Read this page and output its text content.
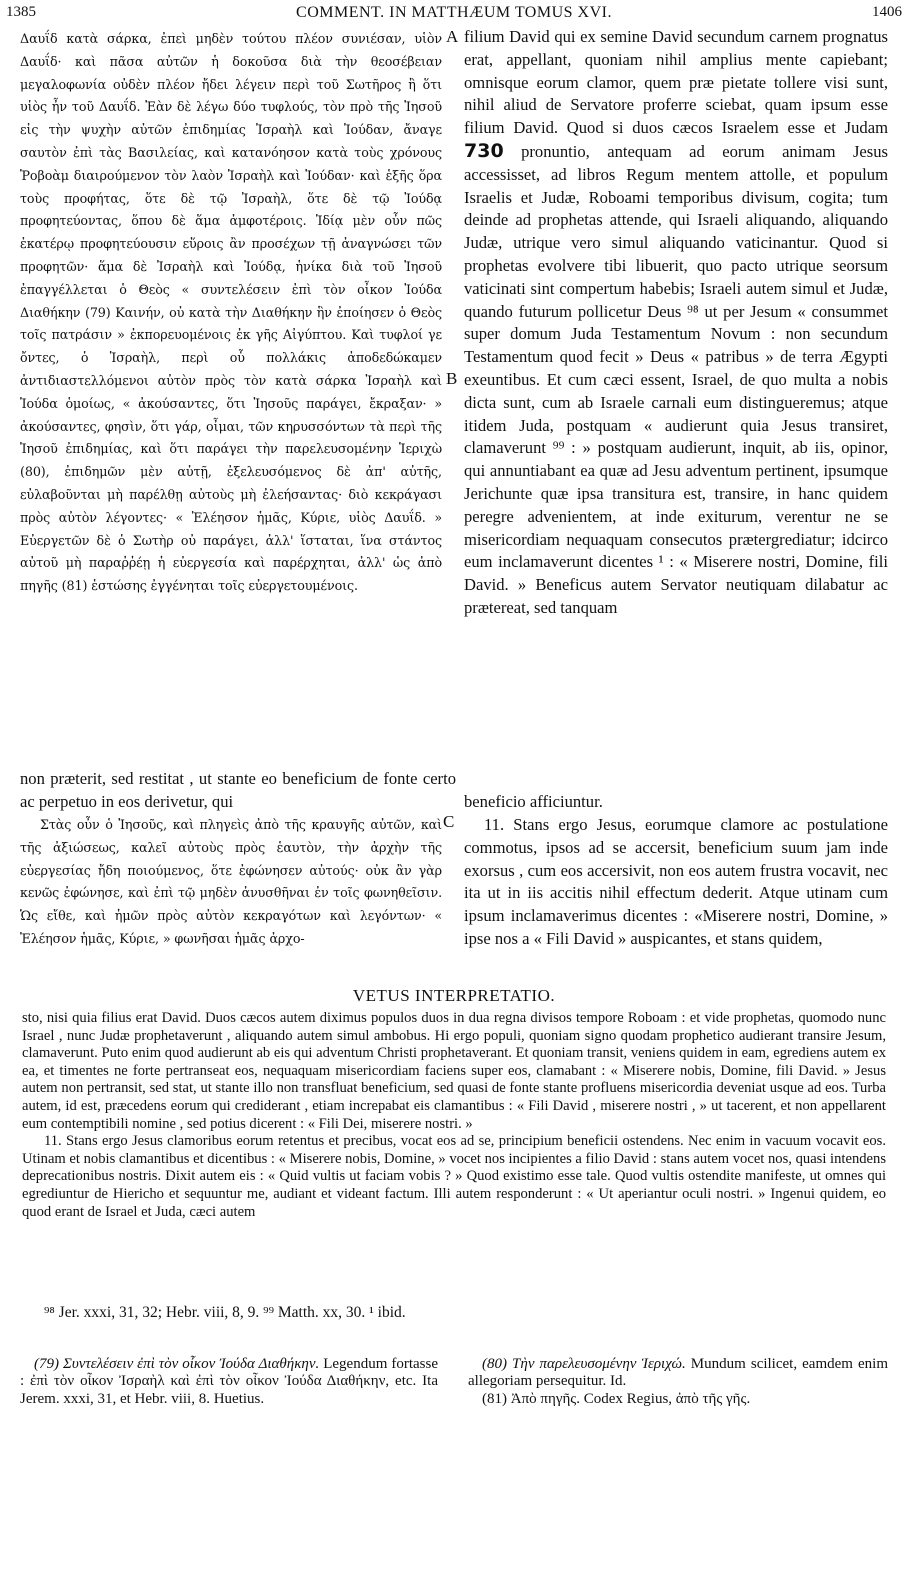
1385	COMMENT. IN MATTHÆUM TOMUS XVI.	1406

Δαυΐδ κατὰ σάρκα, ἐπεὶ μηδὲν τούτου πλέον συνιέσαν, υἱὸν Δαυΐδ· καὶ πᾶσα αὐτῶν ἡ δοκοῦσα διὰ τὴν θεοσέβειαν μεγαλοφωνία οὐδὲν πλέον ἤδει λέγειν περὶ τοῦ Σωτῆρος ἢ ὅτι υἱὸς ἦν τοῦ Δαυΐδ. Ἐὰν δὲ λέγω δύο τυφλούς, τὸν πρὸ τῆς Ἰησοῦ εἰς τὴν ψυχὴν αὐτῶν ἐπιδημίας Ἰσραὴλ καὶ Ἰούδαν, ἄναγε σαυτὸν ἐπὶ τὰς Βασιλείας, καὶ κατανόησον κατὰ τοὺς χρόνους Ῥοβοὰμ διαιρούμενον τὸν λαὸν Ἰσραὴλ καὶ Ἰούδαν· καὶ ἑξῆς ὅρα τοὺς προφήτας, ὅτε δὲ τῷ Ἰσραὴλ, ὅτε δὲ τῷ Ἰούδᾳ προφητεύοντας, ὅπου δὲ ἅμα ἀμφοτέροις. Ἰδίᾳ μὲν οὖν πῶς ἑκατέρῳ προφητεύουσιν εὕροις ἂν προσέχων τῇ ἀναγνώσει τῶν προφητῶν· ἅμα δὲ Ἰσραὴλ καὶ Ἰούδᾳ, ἡνίκα διὰ τοῦ Ἰησοῦ ἐπαγγέλλεται ὁ Θεὸς « συντελέσειν ἐπὶ τὸν οἶκον Ἰούδα Διαθήκην (79) Καινήν, οὐ κατὰ τὴν Διαθήκην ἣν ἐποίησεν ὁ Θεὸς τοῖς πατράσιν » ἐκπορευομένοις ἐκ γῆς Αἰγύπτου. Καὶ τυφλοί γε ὄντες, ὁ Ἰσραὴλ, περὶ οὗ πολλάκις ἀποδεδώκαμεν ἀντιδιαστελλόμενοι αὐτὸν πρὸς τὸν κατὰ σάρκα Ἰσραὴλ καὶ Ἰούδα ὁμοίως, « ἀκούσαντες, ὅτι Ἰησοῦς παράγει, ἔκραξαν· » ἀκούσαντες, φησὶν, ὅτι γάρ, οἶμαι, τῶν κηρυσσόντων τὰ περὶ τῆς Ἰησοῦ ἐπιδημίας, καὶ ὅτι παράγει τὴν παρελευσομένην Ἱεριχὼ (80), ἐπιδημῶν μὲν αὐτῇ, ἐξελευσόμενος δὲ ἀπ' αὐτῆς, εὐλαβοῦνται μὴ παρέλθῃ αὐτοὺς μὴ ἐλεήσαντας· διὸ κεκράγασι πρὸς αὐτὸν λέγοντες· « Ἐλέησον ἡμᾶς, Κύριε, υἱὸς Δαυΐδ. » Εὐεργετῶν δὲ ὁ Σωτὴρ οὐ παράγει, ἀλλ' ἵσταται, ἵνα στάντος αὐτοῦ μὴ παραῤῥέῃ ἡ εὐεργεσία καὶ παρέρχηται, ἀλλ' ὡς ἀπὸ πηγῆς (81) ἑστώσης ἐγγένηται τοῖς εὐεργετουμένοις.

filium David qui ex semine David secundum carnem prognatus erat, appellant, quoniam nihil amplius mente capiebant; omnisque eorum clamor, quem præ pietate tollere visi sunt, nihil aliud de Servatore proferre sciebat, quam ipsum esse filium David. Quod si duos cæcos Israelem esse et Judam 730 pronuntio, antequam ad eorum animam Jesus accessisset, ad libros Regum mentem attolle, et populum Israelis et Judæ, Roboami temporibus divisum, cogita; tum deinde ad prophetas attende, qui Israeli aliquando, aliquando Judæ, utrique vero simul aliquando vaticinantur. Quod si prophetas evolvere tibi libuerit, quo pacto utrique seorsum vaticinati sint compertum habebis; Israeli autem simul et Judæ, quando futurum pollicetur Deus ⁹⁸ ut per Jesum « consummet super domum Juda Testamentum Novum : non secundum Testamentum quod fecit » Deus « patribus » de terra Ægypti exeuntibus. Et cum cæci essent, Israel, de quo multa a nobis dicta sunt, cum ab Israele carnali eum distingueremus; atque itidem Juda, postquam « audierunt quia Jesus transiret, clamaverunt ⁹⁹ : » postquam audierunt, inquit, ab iis, opinor, qui annuntiabant ea quæ ad Jesu adventum pertinent, ipsumque Jerichunte quæ ipsa transitura est, transire, in hanc quidem peregre advenientem, at inde exiturum, verentur ne se misericordiam nequaquam consecutos prætergrediatur; idcirco eum inclamaverunt dicentes ¹ : « Miserere nostri, Domine, fili David. » Beneficus autem Servator neutiquam dilabatur ac prætereat, sed tanquam

A
B
C

non præterit, sed restitat , ut stante eo beneficium de fonte certo ac perpetuo in eos derivetur, qui	beneficio afficiuntur.

Στὰς οὖν ὁ Ἰησοῦς, καὶ πληγεὶς ἀπὸ τῆς κραυγῆς αὐτῶν, καὶ τῆς ἀξιώσεως, καλεῖ αὐτοὺς πρὸς ἑαυτὸν, τὴν ἀρχὴν τῆς εὐεργεσίας ἤδη ποιούμενος, ὅτε ἐφώνησεν αὐτούς· οὐκ ἂν γὰρ κενῶς ἐφώνησε, καὶ ἐπὶ τῷ μηδὲν ἀνυσθῆναι ἐν τοῖς φωνηθεῖσιν. Ὡς εἴθε, καὶ ἡμῶν πρὸς αὐτὸν κεκραγότων καὶ λεγόντων· « Ἐλέησον ἡμᾶς, Κύριε, » φωνῆσαι ἡμᾶς ἀρχο-

11. Stans ergo Jesus, eorumque clamore ac postulatione commotus, ipsos ad se accersit, beneficium suum jam inde exorsus , cum eos accersivit, non eos autem frustra vocavit, nec ita ut in iis accitis nihil effectum dederit. Atque utinam cum ipsum inclamaverimus dicentes : «Miserere nostri, Domine, » ipse nos a « Fili David » auspicantes, et stans quidem,

VETUS INTERPRETATIO.

sto, nisi quia filius erat David. Duos cæcos autem diximus populos duos in dua regna divisos tempore Roboam : et vide prophetas, quomodo nunc Israel , nunc Judæ prophetaverunt , aliquando autem simul ambobus. Hi ergo populi, quoniam signo quodam prophetico audierant transire Jesum, clamaverunt. Puto enim quod audierunt ab eis qui adventum Christi prophetaverant. Et quoniam transit, veniens quidem in eam, egrediens autem ex ea, et timentes ne forte pertranseat eos, nequaquam misericordiam faciens super eos, clamabant : « Miserere nobis, Domine, fili David. » Jesus autem non pertransit, sed stat, ut stante illo non transfluat beneficium, sed quasi de fonte stante profluens misericordia deveniat usque ad eos. Turba autem, id est, præcedens eorum qui crediderant , etiam increpabat eis clamantibus : « Fili David , miserere nostri , » ut tacerent, et non appellarent eum contemptibili nomine , sed potius dicerent : « Fili Dei, miserere nostri. »

11. Stans ergo Jesus clamoribus eorum retentus et precibus, vocat eos ad se, principium beneficii ostendens. Nec enim in vacuum vocavit eos. Utinam et nobis clamantibus et dicentibus : « Miserere nobis, Domine, » vocet nos incipientes a filio David : stans autem vocet nos, quasi intendens deprecationibus nostris. Dixit autem eis : « Quid vultis ut faciam vobis ? » Quod existimo esse tale. Quod vultis ostendite manifeste, ut omnes qui egrediuntur de Hiericho et sequuntur me, audiant et videant factum. Illi autem responderunt : « Ut aperiantur oculi nostri. » Ingenui quidem, eo quod erant de Israel et Juda, cæci autem

⁹⁸ Jer. xxxi, 31, 32; Hebr. viii, 8, 9. ⁹⁹ Matth. xx, 30. ¹ ibid.

(79) Συντελέσειν ἐπὶ τὸν οἶκον Ἰούδα Διαθήκην. Legendum fortasse : ἐπὶ τὸν οἶκον Ἰσραὴλ καὶ ἐπὶ τὸν οἶκον Ἰούδα Διαθήκην, etc. Ita Jerem. xxxi, 31, et Hebr. viii, 8. Huetius.

(80) Τὴν παρελευσομένην Ἱεριχώ. Mundum scilicet, eamdem enim allegoriam persequitur. Id.

(81) Ἀπὸ πηγῆς. Codex Regius, ἀπὸ τῆς γῆς.
